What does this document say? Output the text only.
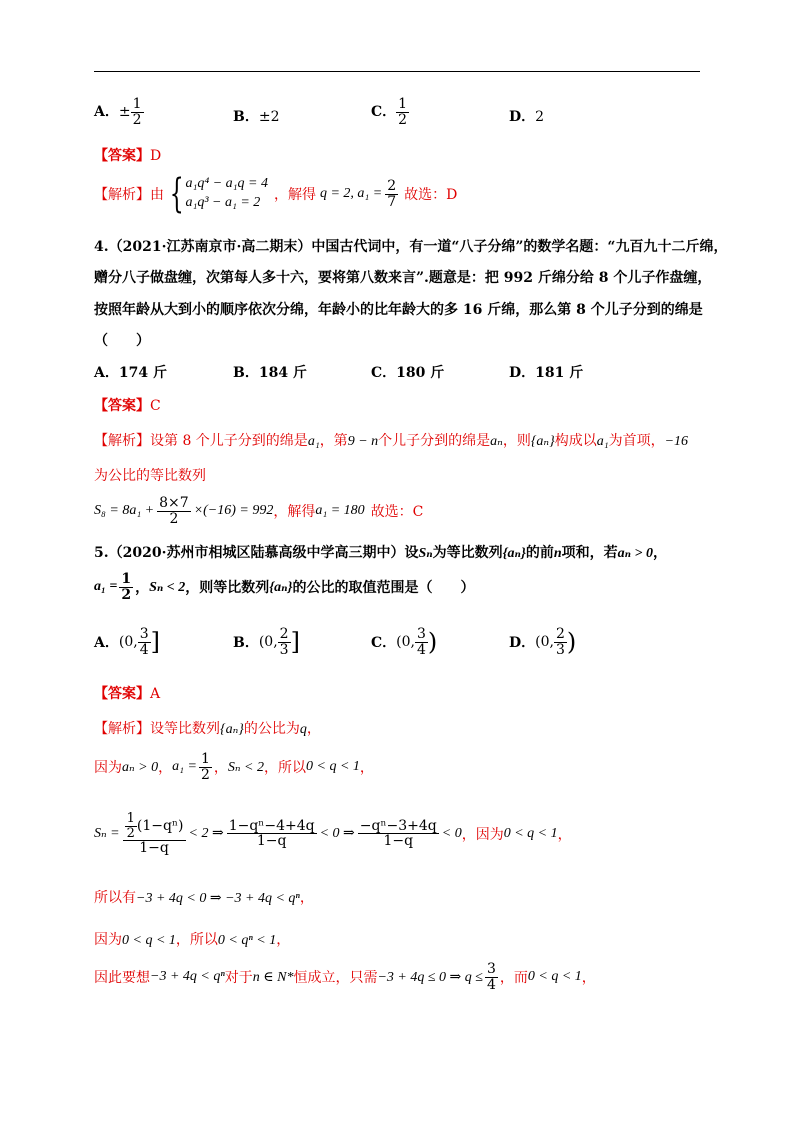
A．± $\frac{1}{2}$	B．±2	C． $\frac{1}{2}$	D．2
【答案】D
【解析】 由 { a₁q⁴ − a₁q = 4
a₁q³ − a₁ = 2 ，解得 q = 2, $a_1 = \frac{2}{7}$ 故选：D
4.（2021·江苏南京市·高二期末）中国古代词中，有一道“八子分绵”的数学名题：“九百九十二斤绵，
赠分八子做盘缠，次第每人多十六，要将第八数来言”.题意是：把 992 斤绵分给 8 个儿子作盘缠，
按照年龄从大到小的顺序依次分绵，年龄小的比年龄大的多 16 斤绵，那么第 8 个儿子分到的绵是
（　　）
A．174 斤	B．184 斤	C．180 斤	D．181 斤
【答案】C
【解析】设第 8 个儿子分到的绵是a₁，第9 − n个儿子分到的绵是aₙ，则{aₙ}构成以a₁为首项，−16
为公比的等比数列
$S_8 = 8a_1 + \frac{8\times 7}{2} \times(-16) = 992$ ，解得 a₁ = 180 故选：C
5.（2020·苏州市相城区陆慕高级中学高三期中）设Sₙ为等比数列{aₙ}的前n项和，若aₙ > 0，
$a_1 = \frac{1}{2}$ ， Sₙ < 2 ，则等比数列 {aₙ} 的公比的取值范围是（　　）
A． (0, $\frac{3}{4}$ ]	B． (0, $\frac{2}{3}$ ]	C． (0, $\frac{3}{4}$ )	D． (0, $\frac{2}{3}$ )
【答案】A
【解析】设等比数列{aₙ}的公比为q，
因为 aₙ > 0 ， $a_1 = \frac{1}{2}$ ， Sₙ < 2 ，所以 0 < q < 1 ，
$S_n = \frac{\frac{1}{2} (1-q^n)}{1-q} < 2$ ⇒ $\frac{\text{1−qⁿ−4+4q}}{1-q} < 0$ ⇒ $\frac{\text{−qⁿ−3+4q}}{1-q} < 0$ ，因为 0 < q < 1 ，
所以有−3 + 4q < 0 ⇒ −3 + 4q < qⁿ，
因为0 < q < 1，所以0 < qⁿ < 1，
因此要想 −3 + 4q < qⁿ 对于 n ∈ N* 恒成立，只需 −3 + 4q ≤ 0 ⇒ $q \le \frac{3}{4}$ ，而 0 < q < 1 ，
